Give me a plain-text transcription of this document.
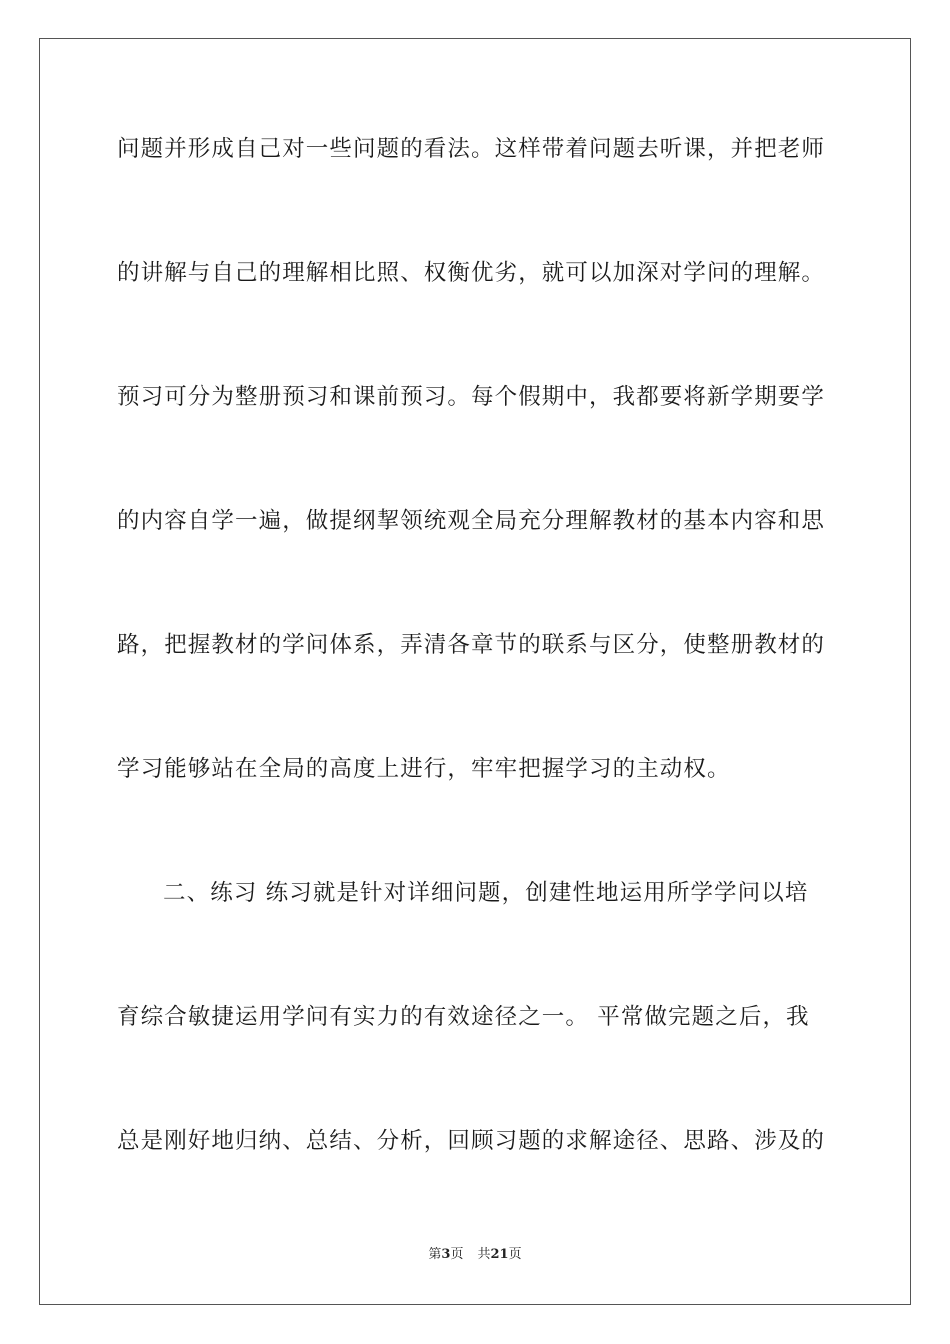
问题并形成自己对一些问题的看法。这样带着问题去听课，并把老师
的讲解与自己的理解相比照、权衡优劣，就可以加深对学问的理解。
预习可分为整册预习和课前预习。每个假期中，我都要将新学期要学
的内容自学一遍，做提纲挈领统观全局充分理解教材的基本内容和思
路，把握教材的学问体系，弄清各章节的联系与区分，使整册教材的
学习能够站在全局的高度上进行，牢牢把握学习的主动权。
二、练习 练习就是针对详细问题，创建性地运用所学学问以培
育综合敏捷运用学问有实力的有效途径之一。 平常做完题之后，我
总是刚好地归纳、总结、分析，回顾习题的求解途径、思路、涉及的
第3页 共21页
